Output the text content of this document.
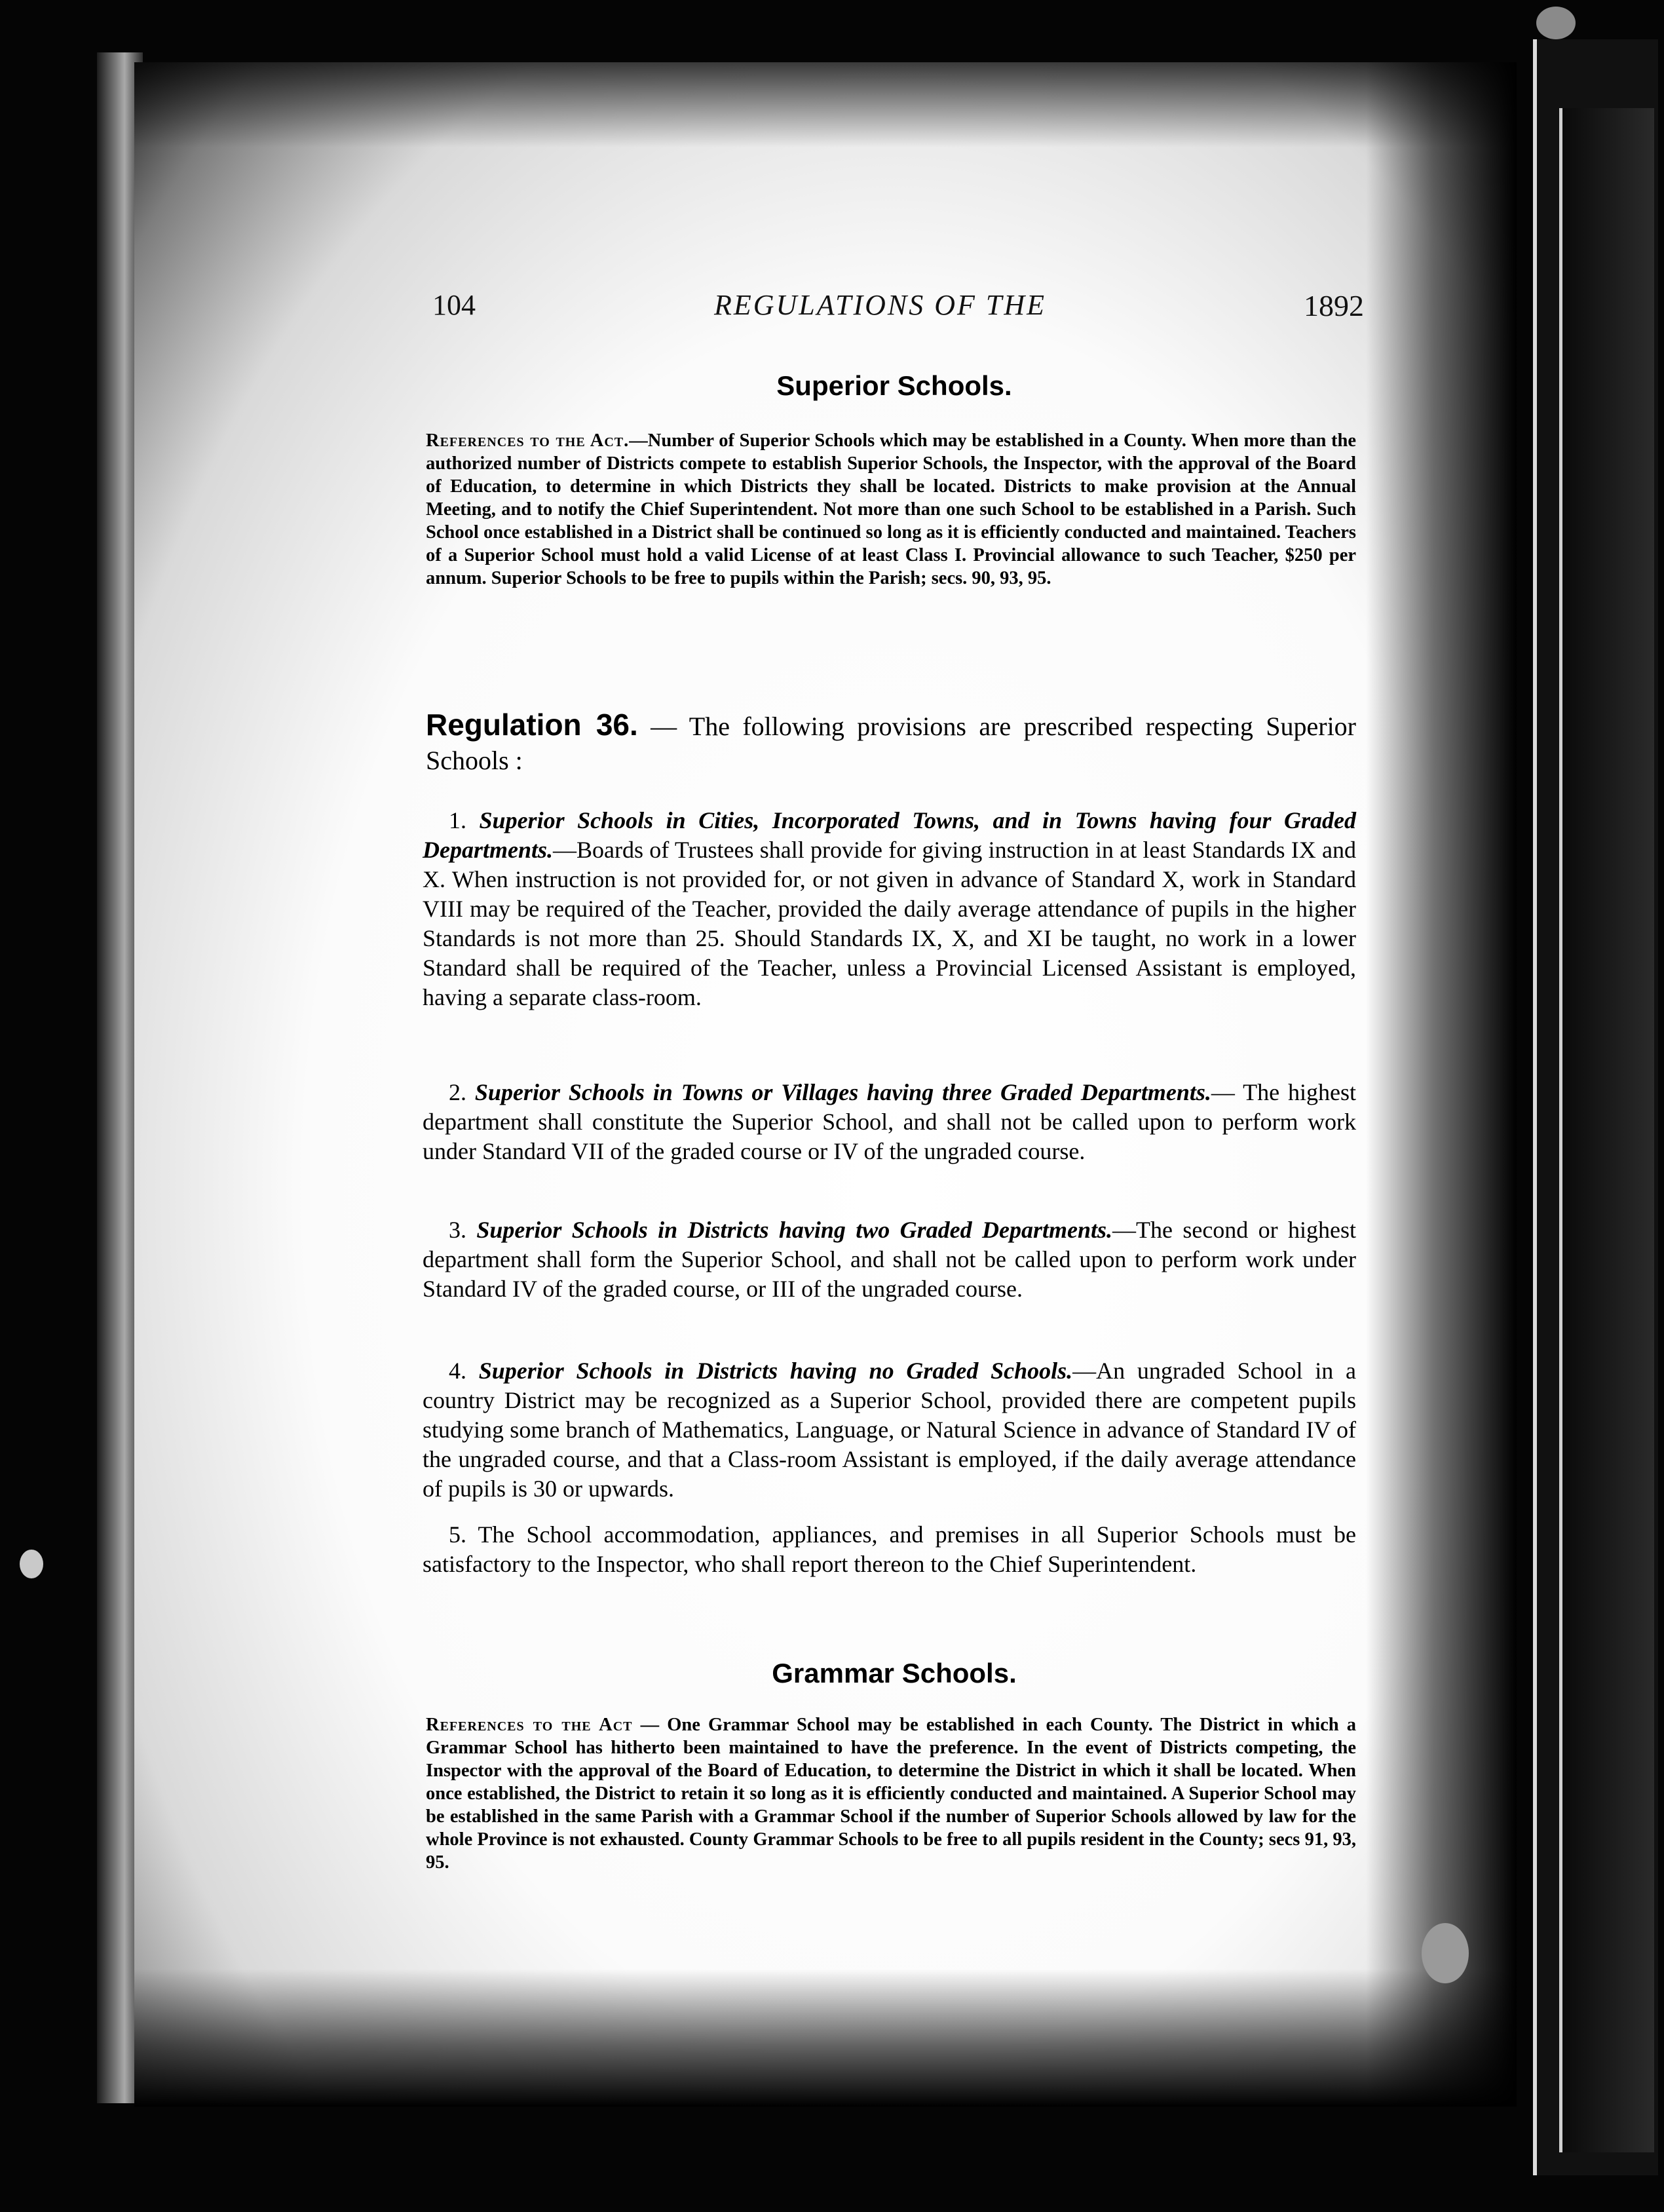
104	REGULATIONS OF THE	1892
Superior Schools.
References to the Act.—Number of Superior Schools which may be established in a County. When more than the authorized number of Districts compete to establish Superior Schools, the Inspector, with the approval of the Board of Education, to determine in which Districts they shall be located. Districts to make provision at the Annual Meeting, and to notify the Chief Superintendent. Not more than one such School to be established in a Parish. Such School once established in a District shall be continued so long as it is efficiently conducted and maintained. Teachers of a Superior School must hold a valid License of at least Class I. Provincial allowance to such Teacher, $250 per annum. Superior Schools to be free to pupils within the Parish; secs. 90, 93, 95.
Regulation 36. — The following provisions are prescribed respecting Superior Schools :
1. Superior Schools in Cities, Incorporated Towns, and in Towns having four Graded Departments.—Boards of Trustees shall provide for giving instruction in at least Standards IX and X. When instruction is not provided for, or not given in advance of Standard X, work in Standard VIII may be required of the Teacher, provided the daily average attendance of pupils in the higher Standards is not more than 25. Should Standards IX, X, and XI be taught, no work in a lower Standard shall be required of the Teacher, unless a Provincial Licensed Assistant is employed, having a separate class-room.
2. Superior Schools in Towns or Villages having three Graded Departments.— The highest department shall constitute the Superior School, and shall not be called upon to perform work under Standard VII of the graded course or IV of the ungraded course.
3. Superior Schools in Districts having two Graded Departments.—The second or highest department shall form the Superior School, and shall not be called upon to perform work under Standard IV of the graded course, or III of the ungraded course.
4. Superior Schools in Districts having no Graded Schools.—An ungraded School in a country District may be recognized as a Superior School, provided there are competent pupils studying some branch of Mathematics, Language, or Natural Science in advance of Standard IV of the ungraded course, and that a Class-room Assistant is employed, if the daily average attendance of pupils is 30 or upwards.
5. The School accommodation, appliances, and premises in all Superior Schools must be satisfactory to the Inspector, who shall report thereon to the Chief Superintendent.
Grammar Schools.
References to the Act — One Grammar School may be established in each County. The District in which a Grammar School has hitherto been maintained to have the preference. In the event of Districts competing, the Inspector with the approval of the Board of Education, to determine the District in which it shall be located. When once established, the District to retain it so long as it is efficiently conducted and maintained. A Superior School may be established in the same Parish with a Grammar School if the number of Superior Schools allowed by law for the whole Province is not exhausted. County Grammar Schools to be free to all pupils resident in the County; secs 91, 93, 95.
